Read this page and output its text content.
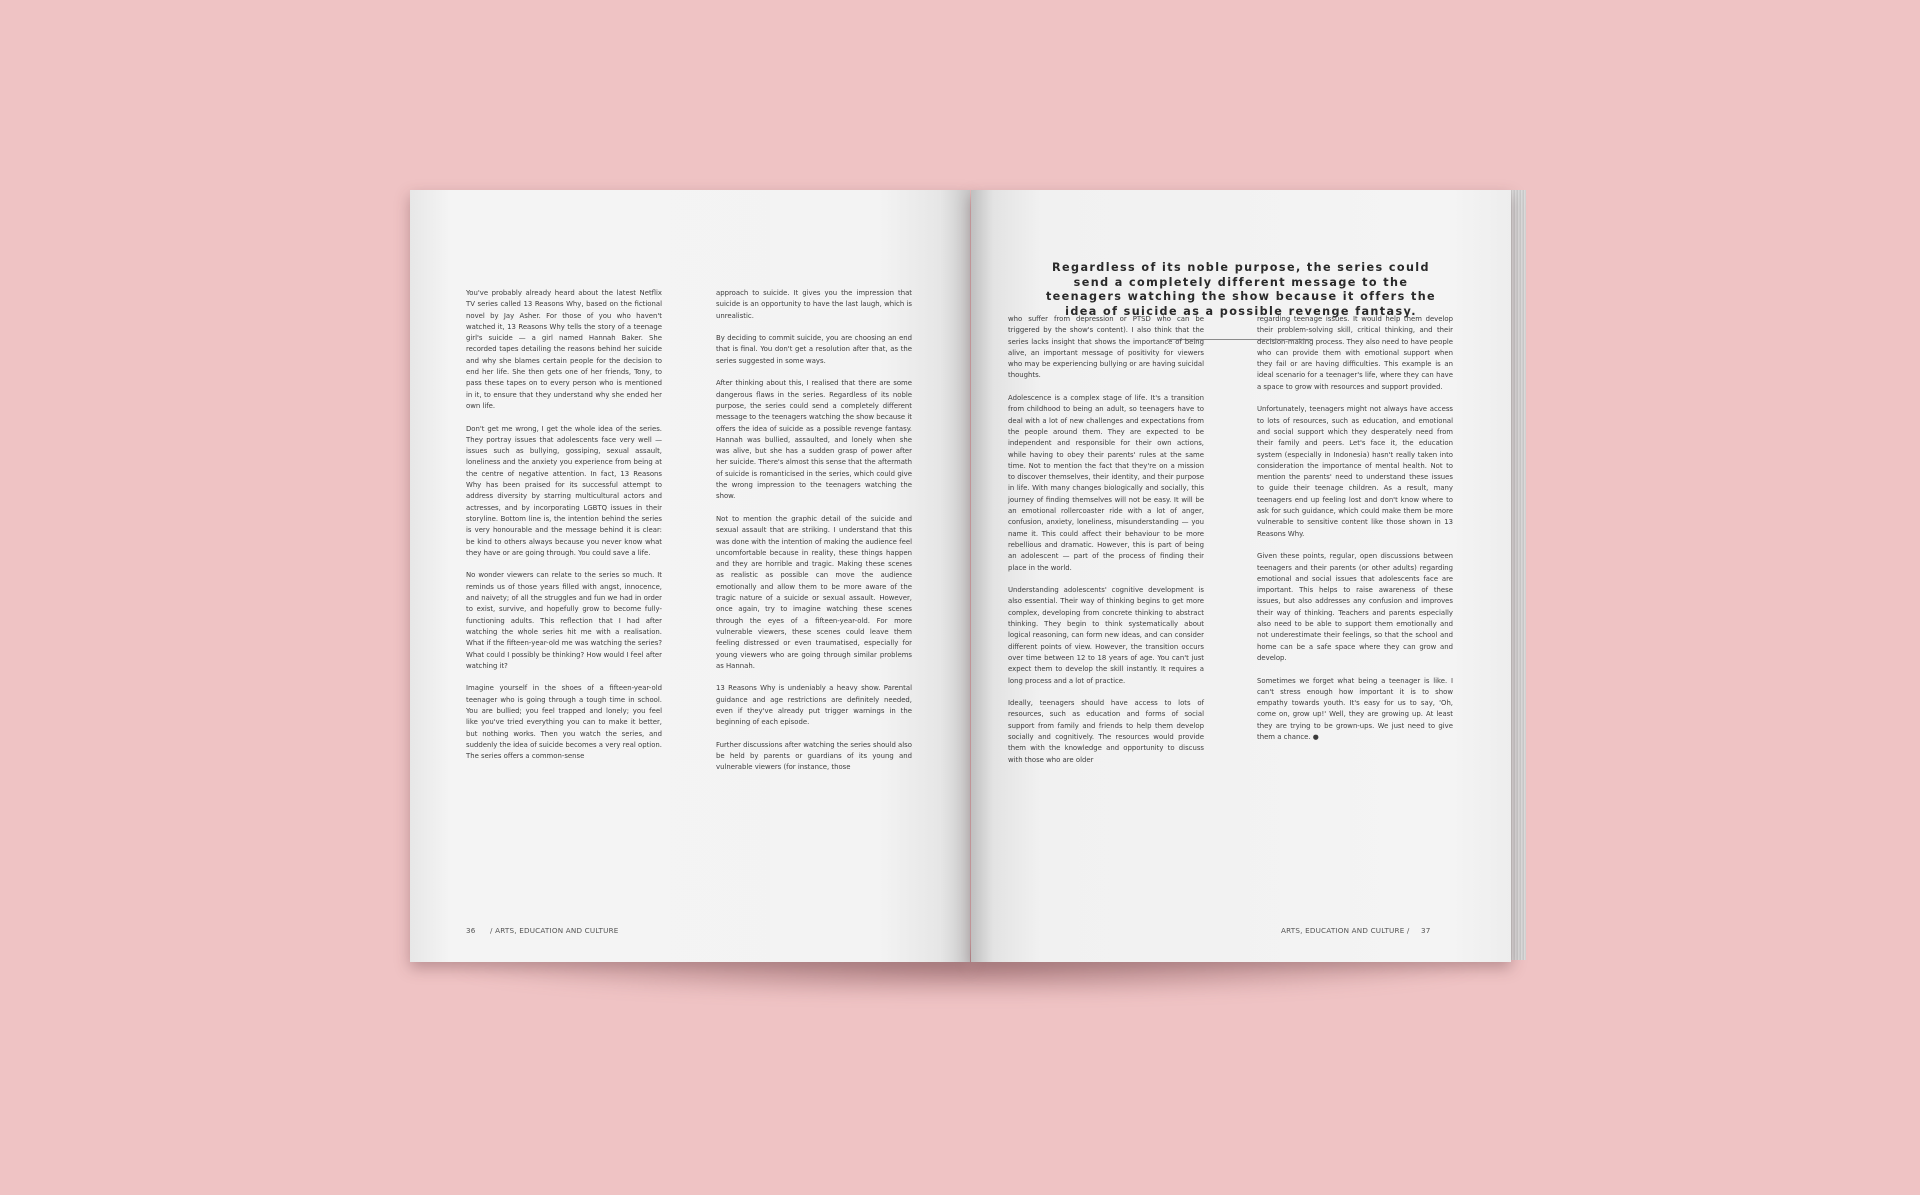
You've probably already heard about the latest Netflix TV series called 13 Reasons Why, based on the fictional novel by Jay Asher. For those of you who haven't watched it, 13 Reasons Why tells the story of a teenage girl's suicide — a girl named Hannah Baker. She recorded tapes detailing the reasons behind her suicide and why she blames certain people for the decision to end her life. She then gets one of her friends, Tony, to pass these tapes on to every person who is mentioned in it, to ensure that they understand why she ended her own life.

Don't get me wrong, I get the whole idea of the series. They portray issues that adolescents face very well — issues such as bullying, gossiping, sexual assault, loneliness and the anxiety you experience from being at the centre of negative attention. In fact, 13 Reasons Why has been praised for its successful attempt to address diversity by starring multicultural actors and actresses, and by incorporating LGBTQ issues in their storyline. Bottom line is, the intention behind the series is very honourable and the message behind it is clear: be kind to others always because you never know what they have or are going through. You could save a life.

No wonder viewers can relate to the series so much. It reminds us of those years filled with angst, innocence, and naivety; of all the struggles and fun we had in order to exist, survive, and hopefully grow to become fully-functioning adults. This reflection that I had after watching the whole series hit me with a realisation. What if the fifteen-year-old me was watching the series? What could I possibly be thinking? How would I feel after watching it?

Imagine yourself in the shoes of a fifteen-year-old teenager who is going through a tough time in school. You are bullied; you feel trapped and lonely; you feel like you've tried everything you can to make it better, but nothing works. Then you watch the series, and suddenly the idea of suicide becomes a very real option. The series offers a common-sense

approach to suicide. It gives you the impression that suicide is an opportunity to have the last laugh, which is unrealistic.

By deciding to commit suicide, you are choosing an end that is final. You don't get a resolution after that, as the series suggested in some ways.

After thinking about this, I realised that there are some dangerous flaws in the series. Regardless of its noble purpose, the series could send a completely different message to the teenagers watching the show because it offers the idea of suicide as a possible revenge fantasy. Hannah was bullied, assaulted, and lonely when she was alive, but she has a sudden grasp of power after her suicide. There's almost this sense that the aftermath of suicide is romanticised in the series, which could give the wrong impression to the teenagers watching the show.

Not to mention the graphic detail of the suicide and sexual assault that are striking. I understand that this was done with the intention of making the audience feel uncomfortable because in reality, these things happen and they are horrible and tragic. Making these scenes as realistic as possible can move the audience emotionally and allow them to be more aware of the tragic nature of a suicide or sexual assault. However, once again, try to imagine watching these scenes through the eyes of a fifteen-year-old. For more vulnerable viewers, these scenes could leave them feeling distressed or even traumatised, especially for young viewers who are going through similar problems as Hannah.

13 Reasons Why is undeniably a heavy show. Parental guidance and age restrictions are definitely needed, even if they've already put trigger warnings in the beginning of each episode.

Further discussions after watching the series should also be held by parents or guardians of its young and vulnerable viewers (for instance, those

36 / ARTS, EDUCATION AND CULTURE
Regardless of its noble purpose, the series could send a completely different message to the teenagers watching the show because it offers the idea of suicide as a possible revenge fantasy.

who suffer from depression or PTSD who can be triggered by the show's content). I also think that the series lacks insight that shows the importance of being alive, an important message of positivity for viewers who may be experiencing bullying or are having suicidal thoughts.

Adolescence is a complex stage of life. It's a transition from childhood to being an adult, so teenagers have to deal with a lot of new challenges and expectations from the people around them. They are expected to be independent and responsible for their own actions, while having to obey their parents' rules at the same time. Not to mention the fact that they're on a mission to discover themselves, their identity, and their purpose in life. With many changes biologically and socially, this journey of finding themselves will not be easy. It will be an emotional rollercoaster ride with a lot of anger, confusion, anxiety, loneliness, misunderstanding — you name it. This could affect their behaviour to be more rebellious and dramatic. However, this is part of being an adolescent — part of the process of finding their place in the world.

Understanding adolescents' cognitive development is also essential. Their way of thinking begins to get more complex, developing from concrete thinking to abstract thinking. They begin to think systematically about logical reasoning, can form new ideas, and can consider different points of view. However, the transition occurs over time between 12 to 18 years of age. You can't just expect them to develop the skill instantly. It requires a long process and a lot of practice.

Ideally, teenagers should have access to lots of resources, such as education and forms of social support from family and friends to help them develop socially and cognitively. The resources would provide them with the knowledge and opportunity to discuss with those who are older

regarding teenage issues. It would help them develop their problem-solving skill, critical thinking, and their decision-making process. They also need to have people who can provide them with emotional support when they fail or are having difficulties. This example is an ideal scenario for a teenager's life, where they can have a space to grow with resources and support provided.

Unfortunately, teenagers might not always have access to lots of resources, such as education, and emotional and social support which they desperately need from their family and peers. Let's face it, the education system (especially in Indonesia) hasn't really taken into consideration the importance of mental health. Not to mention the parents' need to understand these issues to guide their teenage children. As a result, many teenagers end up feeling lost and don't know where to ask for such guidance, which could make them be more vulnerable to sensitive content like those shown in 13 Reasons Why.

Given these points, regular, open discussions between teenagers and their parents (or other adults) regarding emotional and social issues that adolescents face are important. This helps to raise awareness of these issues, but also addresses any confusion and improves their way of thinking. Teachers and parents especially also need to be able to support them emotionally and not underestimate their feelings, so that the school and home can be a safe space where they can grow and develop.

Sometimes we forget what being a teenager is like. I can't stress enough how important it is to show empathy towards youth. It's easy for us to say, 'Oh, come on, grow up!' Well, they are growing up. At least they are trying to be grown-ups. We just need to give them a chance. ●

ARTS, EDUCATION AND CULTURE / 37
